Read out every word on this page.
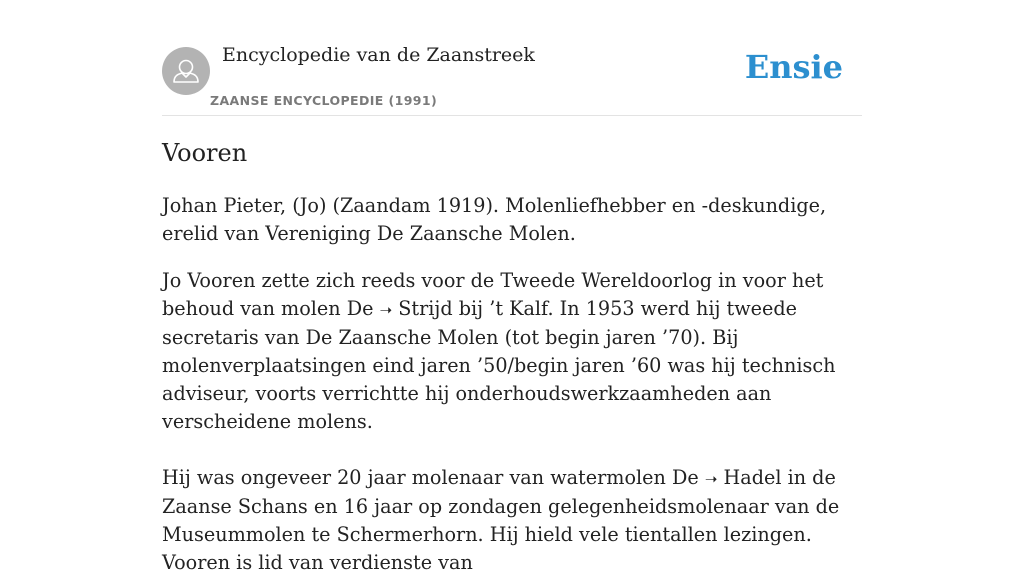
Encyclopedie van de Zaanstreek
ZAANSE ENCYCLOPEDIE (1991)
Ensie
Vooren

Johan Pieter, (Jo) (Zaandam 1919). Molenliefhebber en -deskundige, erelid van Vereniging De Zaansche Molen.

Jo Vooren zette zich reeds voor de Tweede Wereldoorlog in voor het behoud van molen De ➝ Strijd bij ’t Kalf. In 1953 werd hij tweede secretaris van De Zaansche Molen (tot begin jaren ’70). Bij molenverplaatsingen eind jaren ’50/begin jaren ’60 was hij technisch adviseur, voorts verrichtte hij onderhoudswerkzaamheden aan verscheidene molens.

Hij was ongeveer 20 jaar molenaar van watermolen De ➝ Hadel in de Zaanse Schans en 16 jaar op zondagen gelegenheidsmolenaar van de Museummolen te Schermerhorn. Hij hield vele tientallen lezingen. Vooren is lid van verdienste van
